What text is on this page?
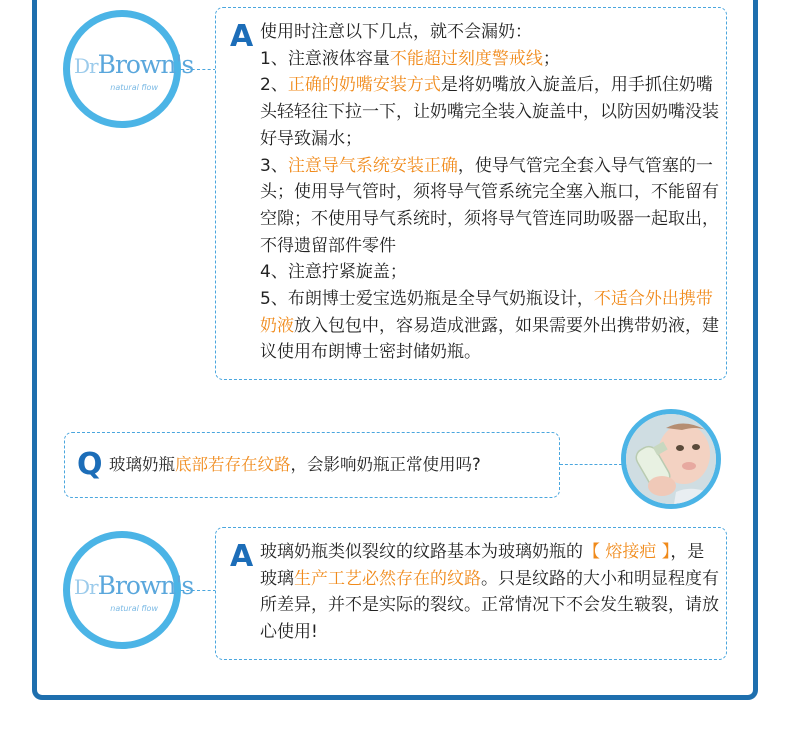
DrBrown's
natural flow
A 使用时注意以下几点，就不会漏奶：
1、注意液体容量不能超过刻度警戒线；
2、正确的奶嘴安装方式是将奶嘴放入旋盖后，用手抓住奶嘴头轻轻往下拉一下，让奶嘴完全装入旋盖中，以防因奶嘴没装好导致漏水；
3、注意导气系统安装正确，使导气管完全套入导气管塞的一头；使用导气管时，须将导气管系统完全塞入瓶口，不能留有空隙；不使用导气系统时，须将导气管连同助吸器一起取出，不得遗留部件零件
4、注意拧紧旋盖；
5、布朗博士爱宝选奶瓶是全导气奶瓶设计，不适合外出携带奶液放入包包中，容易造成泄露，如果需要外出携带奶液，建议使用布朗博士密封储奶瓶。
Q 玻璃奶瓶底部若存在纹路，会影响奶瓶正常使用吗?
DrBrown's
natural flow
A 玻璃奶瓶类似裂纹的纹路基本为玻璃奶瓶的【 熔接疤 】，是玻璃生产工艺必然存在的纹路。只是纹路的大小和明显程度有所差异，并不是实际的裂纹。正常情况下不会发生皲裂，请放心使用!
